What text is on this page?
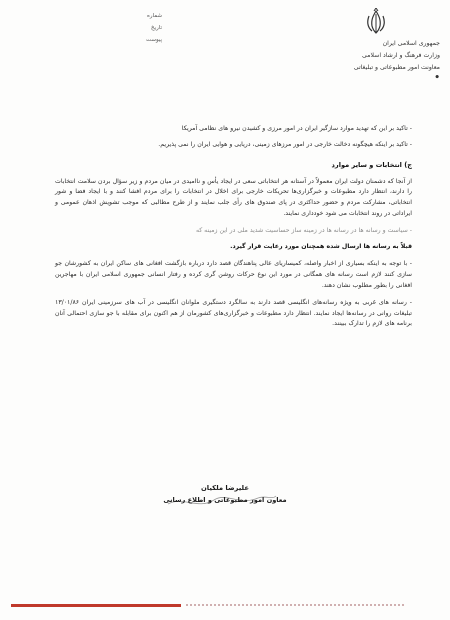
شماره
تاریخ
پیوست	جمهوری اسلامی ایران
وزارت فرهنگ و ارشاد اسلامی
معاونت امور مطبوعاتی و تبلیغاتی
•

- تاکید بر این که تهدید موارد سازگیر ایران در امور مرزی و کشیدن نیرو های نظامی آمریکا

- تاکید بر اینکه هیچگونه دخالت خارجی در امور مرزهای زمینی، دریایی و هوایی ایران را نمی پذیریم.

ج) انتخابات و سایر موارد

از آنجا که دشمنان دولت ایران معمولاً در آستانه هر انتخاباتی سعی در ایجاد یأس و ناامیدی در میان مردم و زیر سؤال بردن سلامت انتخابات را دارند، انتظار دارد مطبوعات و خبرگزاری‌ها تحریکات خارجی برای اخلال در انتخابات را برای مردم افشا کنند و با ایجاد فضا و شور انتخاباتی، مشارکت مردم و حضور حداکثری در پای صندوق های رأی جلب نمایند و از طرح مطالبی که موجب تشویش اذهان عمومی و ایراداتی در روند انتخابات می شود خودداری نمایند.

- سیاست و رسانه ها در رسانه ها در زمینه ساز حساسیت شدید ملی در این زمینه که

قبلاً به رسانه ها ارسال شده همچنان مورد رعایت قرار گیرد.

- با توجه به اینکه بسیاری از اخبار واصله، کمیساریای عالی پناهندگان قصد دارد درباره بازگشت افغانی های ساکن ایران به کشورشان جو سازی کنند لازم است رسانه های همگانی در مورد این نوع حرکات روشن گری کرده و رفتار انسانی جمهوری اسلامی ایران با مهاجرین افغانی را بطور مطلوب نشان دهند.

- رسانه های غربی به ویژه رسانه‌های انگلیسی قصد دارند به سالگرد دستگیری ملوانان انگلیسی در آب های سرزمینی ایران ۱۳/۰۱/۸۶ تبلیغات روانی در رسانه‌ها ایجاد نمایند. انتظار دارد مطبوعات و خبرگزاری‌های کشورمان از هم اکنون برای مقابله با جو سازی احتمالی آنان برنامه های لازم را تدارک ببینند.

علیرضا ملکیان
معاون امور مطبوعاتی و اطلاع رسانی
